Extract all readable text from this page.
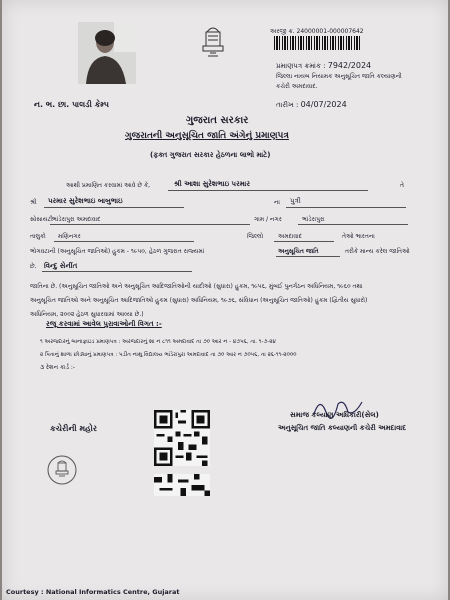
અરજી ક્ર. 24000001-000007642
પ્રમાણપત્ર ક્રમાંક : 7942/2024
જિલ્લા નાયબ નિયામક અનુસૂચિત જાતિ કલ્યાણની
કચેરી અમદાવાદ.
તારીખ : 04/07/2024
ન. ભ. છા. પાલડી કેમ્પ
ગુજરાત સરકાર
ગુજરાતની અનુસૂચિત જાતિ અંગેનું પ્રમાણપત્ર
(ફક્ત ગુજરાત સરકાર હેઠળના લાભો માટે)
આથી પ્રમાણિત કરવામાં આવે છે કે,	શ્રી આશા સુરેશભાઇ પરમાર	તે
શ્રી પરમાર સુરેશભાઇ બાબુભાઇ	ના પુત્રી
સોસાયટી ભાંડેરાપુરા અમદાવાદ	ગામ / નગર	ભાંડેરાપુરા
તાલુકો મણિનગર	જિલ્લો અમદાવાદ	તેઓ ભારતના
ભોગવટાની (અનુસૂચિત જાતિઓ) હુકમ - ૧૯૫૦, હેઠળ ગુજરાત રાજ્યમાં	અનુસૂચિત જાતિ	તરીકે માન્ય કરેલ જાતિઓ
છે. વિન્દુ સેનીંત
જાતિના છે. (અનુસૂચિત જાતિઓ અને અનુસૂચિત આદિજાતિઓની યાદીઓ (સુધારા) હુકમ, ૧૯૫૬, મુંબઈ પુનર્ગઠન અધિનિયમ, ૧૯૬૦ તથા
અનુસૂચિત જાતિઓ અને અનુસૂચિત આદિજાતિઓ હુકમ (સુધારા) અધિનિયમ, ૧૯૭૬, સંવિધાન (અનુસૂચિત જાતિઓ) હુકમ (દ્વિતીય સુધારો)
અધિનિયમ, ૨૦૦૨ હેઠળ સુધારવામાં આવ્યા છે.)
રજૂ કરવામાં આવેલ પુરાવાઓની વિગત :-
૧ અરજદારનું બાનાફાઇડ પ્રમાણપત્ર : અરજદારનું શા ન ૮૧૧ અમદાવાદ તા ૭૦ આર ન - ૪૭૫૬, તા. ૧-૭-૨૪
૨ પિતાનું શાળા છોડ્યાનું પ્રમાણપત્ર : પડીત નાથુ વિદ્યાલય ભાંડેરાપુરા અમદાવાદ તા ૭૦ આર ન ૭૦૫૬, તા ૨૬-૧૧-૨૦૦૦
૩ રેશન કાર્ડ :-
કચેરીની મહોર
સમાજ કલ્યાણ અધિકારી(સેલ)
અનુસૂચિત જાતિ કલ્યાણની કચેરી અમદાવાદ
Courtesy : National Informatics Centre, Gujarat
